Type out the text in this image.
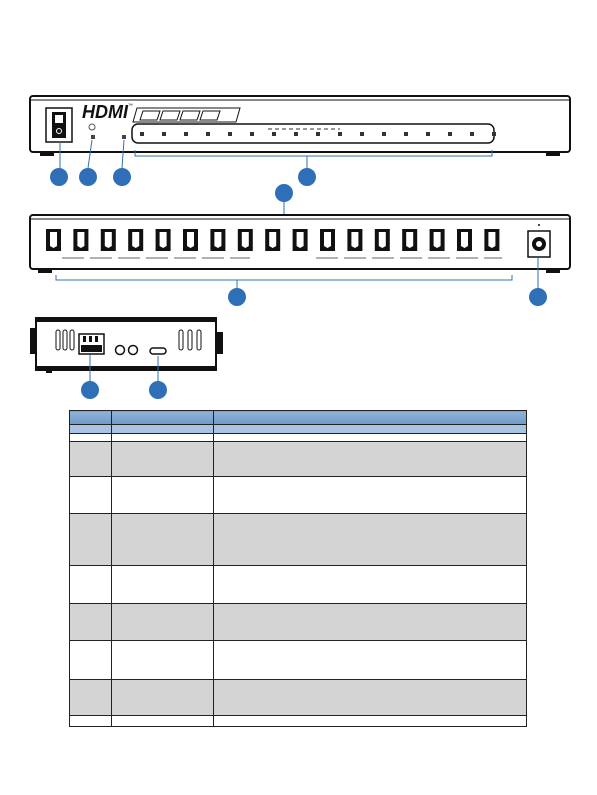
HDMI ™
